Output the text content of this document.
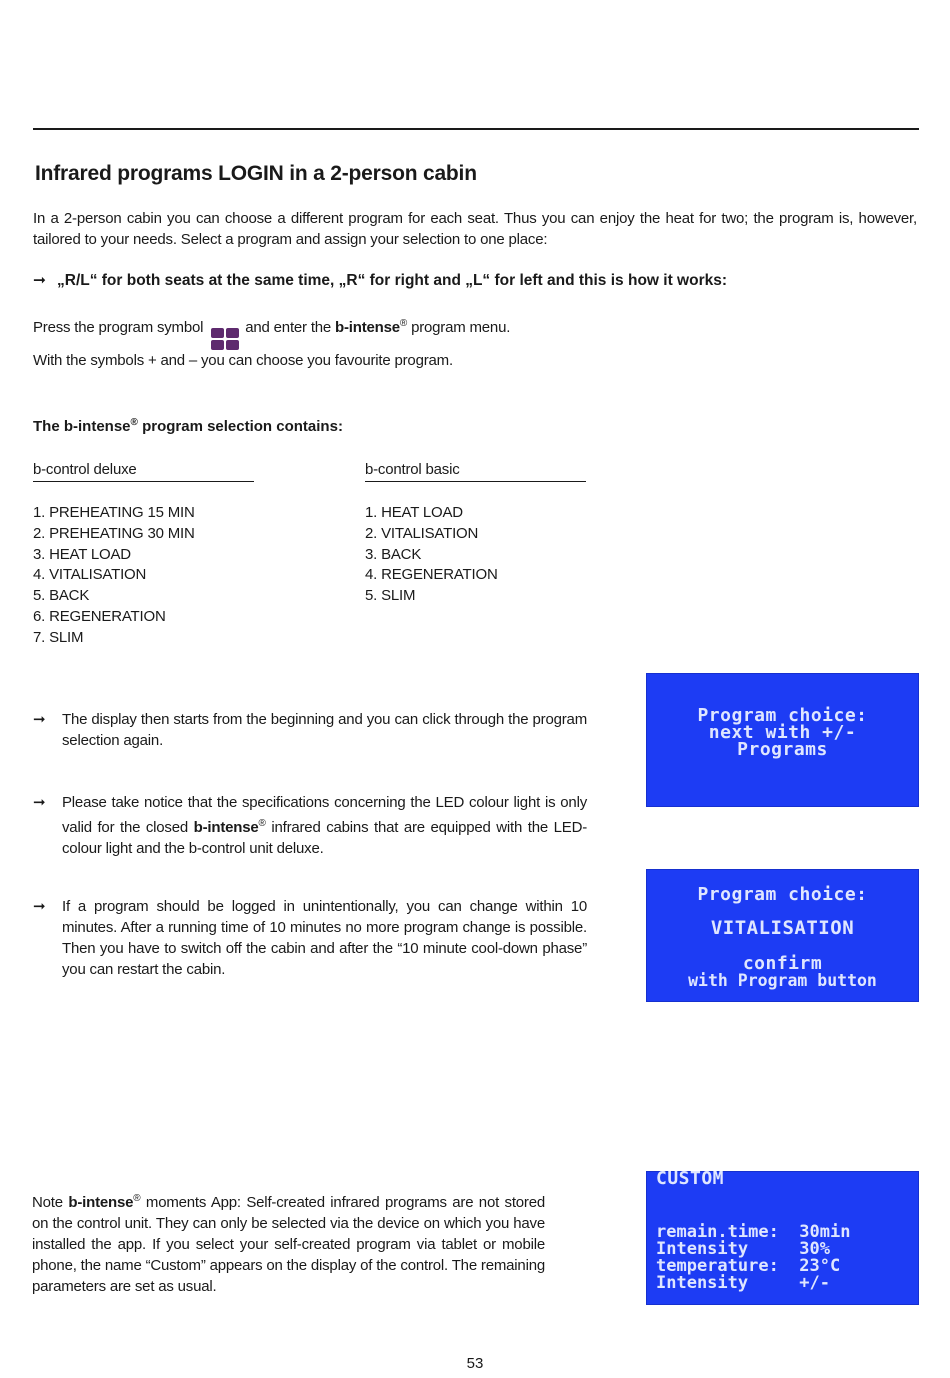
Infrared programs LOGIN in a 2-person cabin

In a 2-person cabin you can choose a different program for each seat. Thus you can enjoy the heat for two; the program is, however, tailored to your needs. Select a program and assign your selection to one place:

➞ „R/L“ for both seats at the same time, „R“ for right and „L“ for left and this is how it works:
Press the program symbol	and enter the b-intense® program menu.
With the symbols + and – you can choose you favourite program.
The b-intense® program selection contains:
b-control deluxe
1. PREHEATING 15 MIN
2. PREHEATING 30 MIN
3. HEAT LOAD
4. VITALISATION
5. BACK
6. REGENERATION
7. SLIM
b-control basic
1. HEAT LOAD
2. VITALISATION
3. BACK
4. REGENERATION
5. SLIM
➞	The display then starts from the beginning and you can click through the program selection again.
➞	Please take notice that the specifications concerning the LED colour light is only valid for the closed b-intense® infrared cabins that are equipped with the LED-colour light and the b-control unit deluxe.
➞	If a program should be logged in unintentionally, you can change within 10 minutes. After a running time of 10 minutes no more program change is possible. Then you have to switch off the cabin and after the “10 minute cool-down phase” you can restart the cabin.
Note b-intense® moments App: Self-created infrared programs are not stored on the control unit. They can only be selected via the device on which you have installed the app. If you select your self-created program via tablet or mobile phone, the name “Custom” appears on the display of the control. The remaining parameters are set as usual.
Program choice:
next with +/-
Programs
Program choice:
VITALISATION
confirm
with Program button
CUSTOM
remain.time:  30min
Intensity     30%
temperature:  23°C
Intensity     +/-
53
